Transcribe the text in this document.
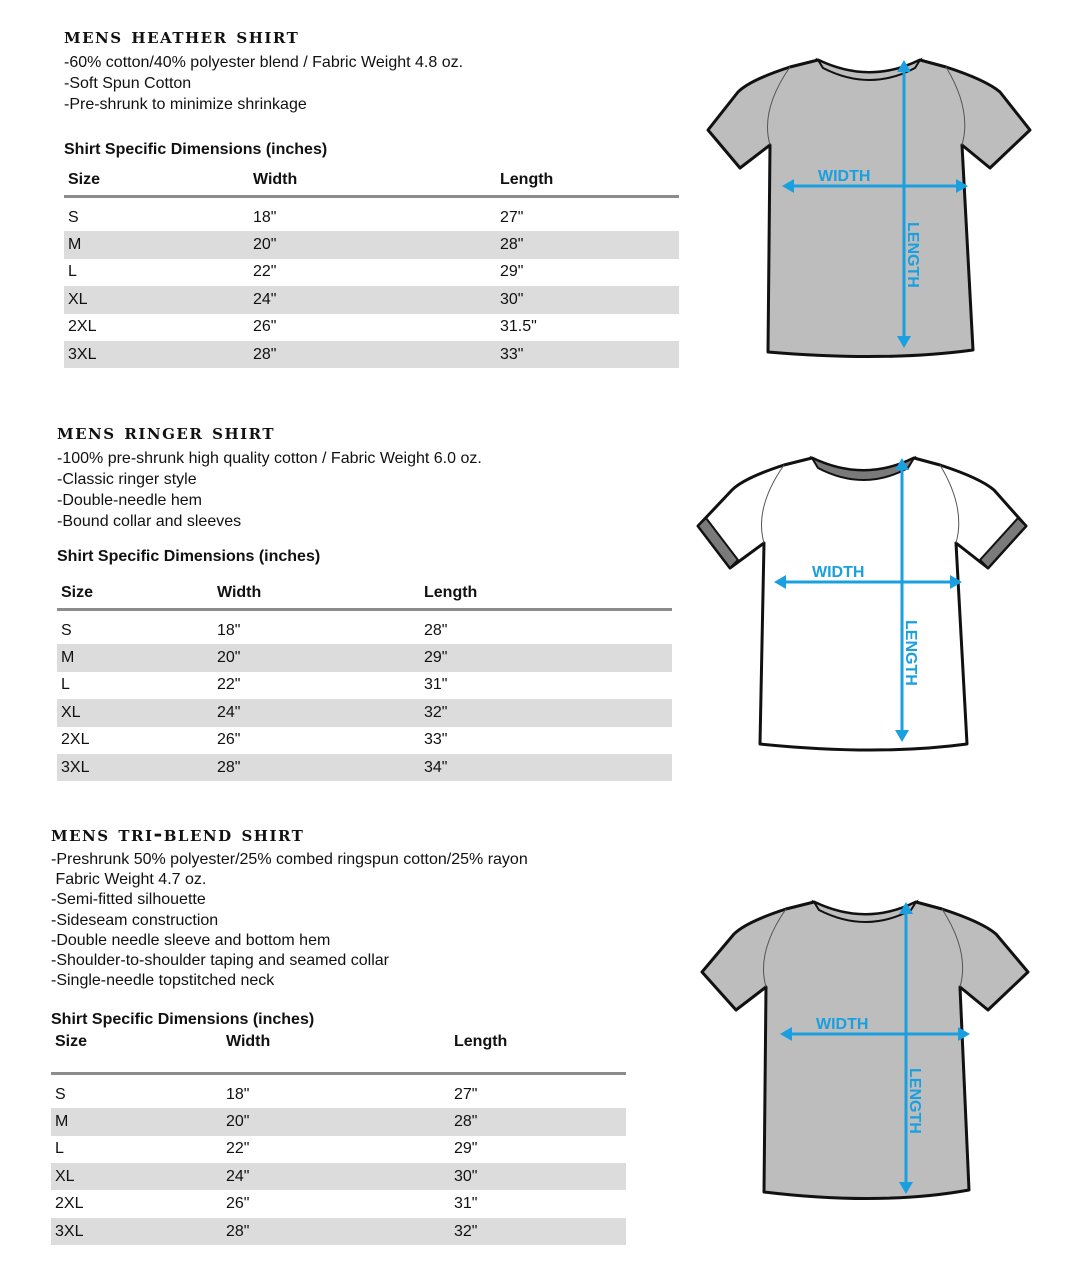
mens heather shirt
-60% cotton/40% polyester blend / Fabric Weight 4.8 oz.
-Soft Spun Cotton
-Pre-shrunk to minimize shrinkage

Shirt Specific Dimensions (inches)

Size	Width	Length

S	18"	27"
M	20"	28"
L	22"	29"
XL	24"	30"
2XL	26"	31.5"
3XL	28"	33"
mens ringer shirt
-100% pre-shrunk high quality cotton / Fabric Weight 6.0 oz.
-Classic ringer style
-Double-needle hem
-Bound collar and sleeves

Shirt Specific Dimensions (inches)

Size	Width	Length

S	18"	28"
M	20"	29"
L	22"	31"
XL	24"	32"
2XL	26"	33"
3XL	28"	34"
mens tri-blend shirt
-Preshrunk 50% polyester/25% combed ringspun cotton/25% rayon
Fabric Weight 4.7 oz.
-Semi-fitted silhouette
-Sideseam construction
-Double needle sleeve and bottom hem
-Shoulder-to-shoulder taping and seamed collar
-Single-needle topstitched neck

Shirt Specific Dimensions (inches)

Size	Width	Length

S	18"	27"
M	20"	28"
L	22"	29"
XL	24"	30"
2XL	26"	31"
3XL	28"	32"
WIDTH
LENGTH
WIDTH
LENGTH
WIDTH
LENGTH
